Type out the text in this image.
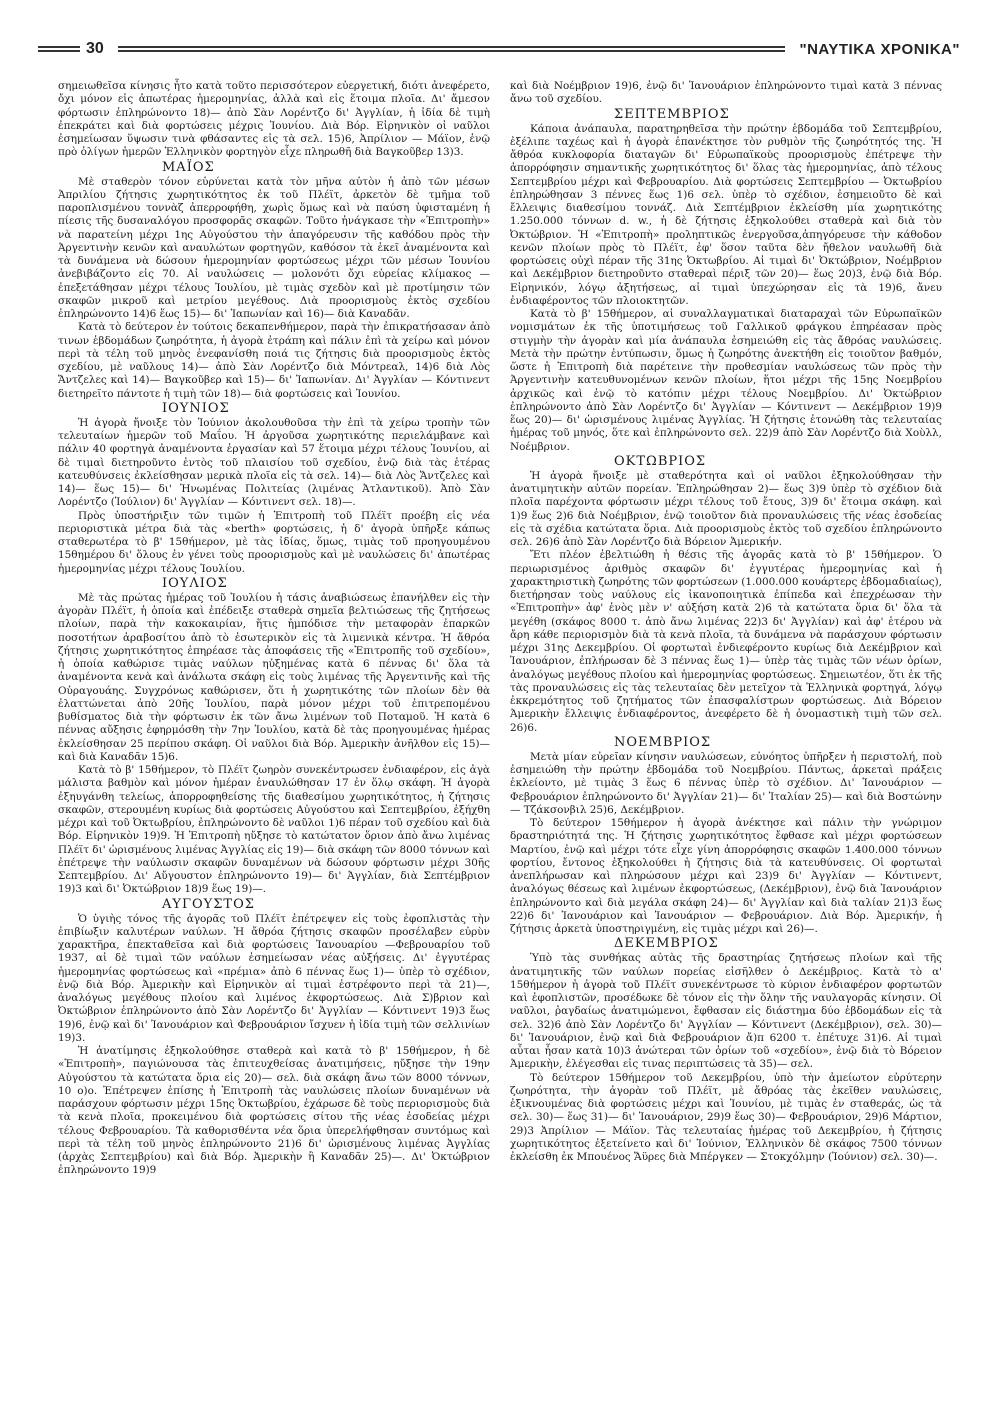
30	"ΝΑΥΤΙΚΑ ΧΡΟΝΙΚΑ"

σημειωθεῖσα κίνησις ἦτο κατὰ τοῦτο περισσότερον εὐεργετική, διότι ἀνεφέρετο, ὄχι μόνον εἰς ἀπωτέρας ἡμερομηνίας, ἀλλὰ καὶ εἰς ἕτοιμα πλοῖα. Δι' ἄμεσον φόρτωσιν ἐπληρώνοντο 18)— ἀπὸ Σὰν Λορέντζο δι' Ἀγγλίαν, ἡ ἰδία δὲ τιμὴ ἐπεκράτει καὶ διὰ φορτώσεις μέχρις Ἰουνίου. Διὰ Βόρ. Εἰρηνικὸν οἱ ναῦλοι ἐσημείωσαν ὕψωσιν τινὰ φθάσαντες εἰς τὰ σελ. 15)6, Ἀπρίλιον — Μάϊον, ἐνῷ πρὸ ὀλίγων ἡμερῶν Ἑλληνικὸν φορτηγὸν εἶχε πληρωθῆ διὰ Βαγκοῦβερ 13)3.

ΜΑΪΟΣ

Μὲ σταθερὸν τόνον εὑρύνεται κατὰ τὸν μῆνα αὐτὸν ἡ ἀπὸ τῶν μέσων Ἀπριλίου ζήτησις χωρητικότητος ἐκ τοῦ Πλέϊτ, ἀρκετὸν δὲ τμῆμα τοῦ παροπλισμένου τοννὰζ ἀπερροφήθη, χωρὶς ὅμως καὶ νὰ παύση ὑφισταμένη ἡ πίεσις τῆς δυσαναλόγου προσφορᾶς σκαφῶν. Τοῦτο ἠνάγκασε τὴν «Ἐπιτροπὴν» νὰ παρατείνη μέχρι 1ης Αὐγούστου τὴν ἀπαγόρευσιν τῆς καθόδου πρὸς τὴν Ἀργεντινὴν κενῶν καὶ αναυλώτων φορτηγῶν, καθόσον τὰ ἐκεῖ ἀναμένοντα καὶ τὰ δυνάμενα νὰ δώσουν ἡμερομηνίαν φορτώσεως μέχρι τῶν μέσων Ἰουνίου ἀνεβιβάζοντο εἰς 70. Αἱ ναυλώσεις — μολονότι ὄχι εὐρείας κλίμακος — ἐπεξετάθησαν μέχρι τέλους Ἰουλίου, μὲ τιμὰς σχεδὸν καὶ μὲ προτίμησιν τῶν σκαφῶν μικροῦ καὶ μετρίου μεγέθους. Διὰ προορισμοὺς ἐκτὸς σχεδίου ἐπληρώνοντο 14)6 ἕως 15)— δι' Ἰαπωνίαν καὶ 16)— διὰ Καναδᾶν.

Κατὰ τὸ δεύτερον ἐν τούτοις δεκαπενθήμερον, παρὰ τὴν ἐπικρατήσασαν ἀπὸ τινων ἑβδομάδων ζωηρότητα, ἡ ἀγορὰ ἐτράπη καὶ πάλιν ἐπὶ τὰ χείρω καὶ μόνον περὶ τὰ τέλη τοῦ μηνὸς ἐνεφανίσθη ποιά τις ζήτησις διὰ προορισμοὺς ἐκτὸς σχεδίου, μὲ ναῦλους 14)— ἀπὸ Σὰν Λορέντζο διὰ Μόντρεαλ, 14)6 διὰ Λὸς Ἄντζελες καὶ 14)— Βαγκοῦβερ καὶ 15)— δι' Ἰαπωνίαν. Δι' Ἀγγλίαν — Κόντινεντ διετηρεῖτο πάντοτε ἡ τιμὴ τῶν 18)— διὰ φορτώσεις καὶ Ἰουνίου.

ΙΟΥΝΙΟΣ

Ἡ ἀγορὰ ἤνοιξε τὸν Ἰούνιον ἀκολουθοῦσα τὴν ἐπὶ τὰ χείρω τροπὴν τῶν τελευταίων ἡμερῶν τοῦ Μαΐου. Ἡ ἀργοῦσα χωρητικότης περιελάμβανε καὶ πάλιν 40 φορτηγὰ ἀναμένοντα ἐργασίαν καὶ 57 ἕτοιμα μέχρι τέλους Ἰουνίου, αἱ δὲ τιμαὶ διετηροῦντο ἐντὸς τοῦ πλαισίου τοῦ σχεδίου, ἐνῷ διὰ τὰς ἑτέρας κατευθύνσεις ἐκλείσθησαν μερικὰ πλοῖα εἰς τὰ σελ. 14)— διὰ Λὸς Ἄντζελες καὶ 14)— ἕως 15)— δι' Ἡνωμένας Πολιτείας (λιμένας Ἀτλαντικοῦ). Ἀπὸ Σὰν Λορέντζο (Ἰούλιον) δι' Ἀγγλίαν — Κόντινεντ σελ. 18)—.

Πρὸς ὑποστήριξιν τῶν τιμῶν ἡ Ἐπιτροπὴ τοῦ Πλέϊτ προέβη εἰς νέα περιοριστικὰ μέτρα διὰ τὰς «berth» φορτώσεις, ἡ δ' ἀγορὰ ὑπῆρξε κάπως σταθερωτέρα τὸ β' 15θήμερον, μὲ τὰς ἰδίας, ὅμως, τιμὰς τοῦ προηγουμένου 15θημέρου δι' ὅλους ἐν γένει τοὺς προορισμοὺς καὶ μὲ ναυλώσεις δι' ἀπωτέρας ἡμερομηνίας μέχρι τέλους Ἰουλίου.

ΙΟΥΛΙΟΣ

Μὲ τὰς πρώτας ἡμέρας τοῦ Ἰουλίου ἡ τάσις ἀναβιώσεως ἐπανήλθεν εἰς τὴν ἀγορὰν Πλέϊτ, ἡ ὁποία καὶ ἐπέδειξε σταθερὰ σημεῖα βελτιώσεως τῆς ζητήσεως πλοίων, παρὰ τὴν κακοκαιρίαν, ἥτις ἠμπόδισε τὴν μεταφορὰν ἐπαρκῶν ποσοτήτων ἀραβοσίτου ἀπὸ τὸ ἐσωτερικὸν εἰς τὰ λιμενικὰ κέντρα. Ἡ ἄθρόα ζήτησις χωρητικότητος ἐπηρέασε τὰς ἀποφάσεις τῆς «Ἐπιτροπῆς τοῦ σχεδίου», ἡ ὁποία καθώρισε τιμὰς ναύλων ηὐξημένας κατὰ 6 πέννας δι' ὅλα τὰ ἀναμένοντα κενὰ καὶ ἀνάλωτα σκάφη εἰς τοὺς λιμένας τῆς Ἀργεντινῆς καὶ τῆς Οὐραγουάης. Συγχρόνως καθώρισεν, ὅτι ἡ χωρητικότης τῶν πλοίων δὲν θὰ ἐλαττώνεται ἀπὸ 20ῆς Ἰουλίου, παρὰ μόνον μέχρι τοῦ ἐπιτρεπομένου βυθίσματος διὰ τὴν φόρτωσιν ἐκ τῶν ἄνω λιμένων τοῦ Ποταμοῦ. Ἡ κατὰ 6 πέννας αὔξησις ἐφηρμόσθη τὴν 7ην Ἰουλίου, κατὰ δὲ τὰς προηγουμένας ἡμέρας ἐκλείσθησαν 25 περίπου σκάφη. Οἱ ναῦλοι διὰ Βόρ. Ἀμερικὴν ἀνῆλθον εἰς 15)— καὶ διὰ Καναδᾶν 15)6.

Κατὰ τὸ β' 15θήμερον, τὸ Πλέϊτ ζωηρὸν συνεκέντρωσεν ἐνδιαφέρον, εἰς ἀγὰ μάλιστα βαθμὸν καὶ μόνον ἡμέραν ἐναυλώθησαν 17 ἐν ὅλῳ σκάφη. Ἡ ἀγορὰ ἐξηυγάνθη τελείως, ἀπορροφηθείσης τῆς διαθεσίμου χωρητικότητος, ἡ ζήτησις σκαφῶν, στερουμένη κυρίως διὰ φορτώσεις Αὐγούστου καὶ Σεπτεμβρίου, ἐξήχθη μέχρι καὶ τοῦ Ὀκτωβρίου, ἐπληρώνοντο δὲ ναῦλοι 1)6 πέραν τοῦ σχεδίου καὶ διὰ Βόρ. Εἰρηνικὸν 19)9. Ἡ Ἐπιτροπὴ ηὔξησε τὸ κατώτατον ὅριον ἀπὸ ἄνω λιμένας Πλέϊτ δι' ὡρισμένους λιμένας Ἀγγλίας εἰς 19)— διὰ σκάφη τῶν 8000 τόννων καὶ ἐπέτρεψε τὴν ναύλωσιν σκαφῶν δυναμένων νὰ δώσουν φόρτωσιν μέχρι 30ῆς Σεπτεμβρίου. Δι' Αὔγουστον ἐπληρώνοντο 19)— δι' Ἀγγλίαν, διὰ Σεπτέμβριον 19)3 καὶ δι' Ὀκτώβριον 18)9 ἕως 19)—.

ΑΥΓΟΥΣΤΟΣ

Ὁ ὑγιὴς τόνος τῆς ἀγορᾶς τοῦ Πλέϊτ ἐπέτρεψεν εἰς τοὺς ἐφοπλιστὰς τὴν ἐπιβίωξιν καλυτέρων ναύλων. Ἡ ἄθρόα ζήτησις σκαφῶν προσέλαβεν εὐρὺν χαρακτῆρα, ἐπεκταθεῖσα καὶ διὰ φορτώσεις Ἰανουαρίου —Φεβρουαρίου τοῦ 1937, αἱ δὲ τιμαὶ τῶν ναύλων ἐσημείωσαν νέας αὐξήσεις. Δι' ἐγγυτέρας ἡμερομηνίας φορτώσεως καὶ «πρέμια» ἀπὸ 6 πέννας ἕως 1)— ὑπὲρ τὸ σχέδιον, ἐνῷ διὰ Βόρ. Ἀμερικὴν καὶ Εἰρηνικὸν αἱ τιμαὶ ἐστρέφοντο περὶ τὰ 21)—, ἀναλόγως μεγέθους πλοίου καὶ λιμένος ἐκφορτώσεως. Διὰ Σ)βριον καὶ Ὀκτώβριον ἐπληρώνοντο ἀπὸ Σὰν Λορέντζο δι' Ἀγγλίαν — Κόντινεντ 19)3 ἕως 19)6, ἐνῷ καὶ δι' Ἰανουάριον καὶ Φεβρουάριον ἴσχυεν ἡ ἰδία τιμὴ τῶν σελλινίων 19)3.

Ἡ ἀνατίμησις ἐξηκολούθησε σταθερὰ καὶ κατὰ τὸ β' 15θήμερον, ἡ δὲ «Ἐπιτροπὴ», παγιώνουσα τὰς ἐπιτευχθείσας ἀνατιμήσεις, ηὔξησε τὴν 19ην Αὐγούστου τὰ κατώτατα ὅρια εἰς 20)— σελ. διὰ σκάφη ἄνω τῶν 8000 τόννων, 10 ο)ο. Ἐπέτρεψεν ἐπίσης ἡ Ἐπιτροπὴ τὰς ναυλώσεις πλοίων δυναμένων νὰ παράσχουν φόρτωσιν μέχρι 15ης Ὀκτωβρίου, ἐχάρωσε δὲ τοὺς περιορισμοὺς διὰ τὰ κενὰ πλοῖα, προκειμένου διὰ φορτώσεις σίτου τῆς νέας ἐσοδείας μέχρι τέλους Φεβρουαρίου. Τὰ καθορισθέντα νέα ὅρια ὑπερελήφθησαν συντόμως καὶ περὶ τὰ τέλη τοῦ μηνὸς ἐπληρώνοντο 21)6 δι' ὡρισμένους λιμένας Ἀγγλίας (ἀρχὰς Σεπτεμβρίου) καὶ διὰ Βόρ. Ἀμερικὴν ἢ Καναδᾶν 25)—. Δι' Ὀκτώβριον ἐπληρώνοντο 19)9

καὶ διὰ Νοέμβριον 19)6, ἐνῷ δι' Ἰανουάριον ἐπληρώνοντο τιμαὶ κατὰ 3 πέννας ἄνω τοῦ σχεδίου.

ΣΕΠΤΕΜΒΡΙΟΣ

Κάποια ἀνάπαυλα, παρατηρηθεῖσα τὴν πρώτην ἑβδομάδα τοῦ Σεπτεμβρίου, ἐξέλιπε ταχέως καὶ ἡ ἀγορὰ ἐπανέκτησε τὸν ρυθμὸν τῆς ζωηρότητός της. Ἡ ἄθρόα κυκλοφορία διαταγῶν δι' Εὐρωπαϊκοὺς προορισμοὺς ἐπέτρεψε τὴν ἀπορρόφησιν σημαντικῆς χωρητικότητος δι' ὅλας τὰς ἡμερομηνίας, ἀπὸ τέλους Σεπτεμβρίου μέχρι καὶ Φεβρουαρίου. Διὰ φορτώσεις Σεπτεμβρίου — Ὀκτωβρίου ἐπληρώθησαν 3 πέννες ἕως 1)6 σελ. ὑπὲρ τὸ σχέδιον, ἐσημειοῦτο δὲ καὶ ἔλλειψις διαθεσίμου τοννάζ. Διὰ Σεπτέμβριον ἐκλείσθη μία χωρητικότης 1.250.000 τόννων d. w., ἡ δὲ ζήτησις ἐξηκολούθει σταθερὰ καὶ διὰ τὸν Ὀκτώβριον. Ἡ «Ἐπιτροπὴ» προληπτικῶς ἐνεργοῦσα,ἀπηγόρευσε τὴν κάθοδον κενῶν πλοίων πρὸς τὸ Πλέϊτ, ἐφ' ὅσον ταῦτα δὲν ἤθελον ναυλωθῆ διὰ φορτώσεις οὐχὶ πέραν τῆς 31ης Ὀκτωβρίου. Αἱ τιμαὶ δι' Ὀκτώβριον, Νοέμβριον καὶ Δεκέμβριον διετηροῦντο σταθεραὶ πέριξ τῶν 20)— ἕως 20)3, ἐνῷ διὰ Βόρ. Εἰρηνικόν, λόγῳ ἀξητήσεως, αἱ τιμαὶ ὑπεχώρησαν εἰς τὰ 19)6, ἄνευ ἐνδιαφέροντος τῶν πλοιοκτητῶν.

Κατὰ τὸ β' 15θήμερον, αἱ συναλλαγματικαὶ διαταραχαὶ τῶν Εὐρωπαϊκῶν νομισμάτων ἐκ τῆς ὑποτιμήσεως τοῦ Γαλλικοῦ φράγκου ἐπηρέασαν πρὸς στιγμὴν τὴν ἀγορὰν καὶ μία ἀνάπαυλα ἐσημειώθη εἰς τὰς ἄθρόας ναυλώσεις. Μετὰ τὴν πρώτην ἐντύπωσιν, ὅμως ἡ ζωηρότης ἀνεκτήθη εἰς τοιοῦτον βαθμόν, ὥστε ἡ Ἐπιτροπὴ διὰ παρέτεινε τὴν προθεσμίαν ναυλώσεως τῶν πρὸς τὴν Ἀργεντινὴν κατευθυνομένων κενῶν πλοίων, ἥτοι μέχρι τῆς 15ης Νοεμβρίου ἀρχικῶς καὶ ἐνῷ τὸ κατόπιν μέχρι τέλους Νοεμβρίου. Δι' Ὀκτώβριον ἐπληρώνοντο ἀπὸ Σὰν Λορέντζο δι' Ἀγγλίαν — Κόντινεντ — Δεκέμβριον 19)9 ἕως 20)— δι' ὡρισμένους λιμένας Ἀγγλίας. Ἡ ζήτησις ἐτονώθη τὰς τελευταίας ἡμέρας τοῦ μηνός, ὅτε καὶ ἐπληρώνοντο σελ. 22)9 ἀπὸ Σὰν Λορέντζο διὰ Χοὺλλ, Νοέμβριον.

ΟΚΤΩΒΡΙΟΣ

Ἡ ἀγορὰ ἤνοιξε μὲ σταθερότητα καὶ οἱ ναῦλοι ἐξηκολούθησαν τὴν ἀνατιμητικὴν αὐτῶν πορείαν. Ἐπληρώθησαν 2)— ἕως 3)9 ὑπὲρ τὸ σχέδιον διὰ πλοῖα παρέχοντα φόρτωσιν μέχρι τέλους τοῦ ἔτους, 3)9 δι' ἕτοιμα σκάφη. καὶ 1)9 ἕως 2)6 διὰ Νοέμβριον, ἐνῷ τοιοῦτον διὰ προναυλώσεις τῆς νέας ἐσοδείας εἰς τὰ σχέδια κατώτατα ὅρια. Διὰ προορισμοὺς ἐκτὸς τοῦ σχεδίου ἐπληρώνοντο σελ. 26)6 ἀπὸ Σὰν Λορέντζο διὰ Βόρειον Ἀμερικήν.

Ἔτι πλέον ἐβελτιώθη ἡ θέσις τῆς ἀγορᾶς κατὰ τὸ β' 15θήμερον. Ὁ περιωρισμένος ἀριθμὸς σκαφῶν δι' ἐγγυτέρας ἡμερομηνίας καὶ ἡ χαρακτηριστικὴ ζωηρότης τῶν φορτώσεων (1.000.000 κουάρτερς ἑβδομαδιαίως), διετήρησαν τοὺς ναύλους εἰς ἱκανοποιητικὰ ἐπίπεδα καὶ ἐπεχρέωσαν τὴν «Ἐπιτροπὴν» ἀφ' ἑνὸς μὲν ν' αὐξήση κατὰ 2)6 τὰ κατώτατα ὅρια δι' ὅλα τὰ μεγέθη (σκάφος 8000 τ. ἀπὸ ἄνω λιμένας 22)3 δι' Ἀγγλίαν) καὶ ἀφ' ἑτέρου νὰ ἄρη κάθε περιορισμὸν διὰ τὰ κενὰ πλοῖα, τὰ δυνάμενα νὰ παράσχουν φόρτωσιν μέχρι 31ης Δεκεμβρίου. Οἱ φορτωταὶ ἐνδιεφέροντο κυρίως διὰ Δεκέμβριον καὶ Ἰανουάριον, ἐπλήρωσαν δὲ 3 πέννας ἕως 1)— ὑπὲρ τὰς τιμὰς τῶν νέων ὁρίων, ἀναλόγως μεγέθους πλοίου καὶ ἡμερομηνίας φορτώσεως. Σημειωτέον, ὅτι ἐκ τῆς τὰς προναυλώσεις εἰς τὰς τελευταίας δὲν μετεῖχον τὰ Ἑλληνικὰ φορτηγά, λόγῳ ἐκκρεμότητος τοῦ ζητήματος τῶν ἐπασφαλίστρων φορτώσεως. Διὰ Βόρειον Ἀμερικὴν ἔλλειψις ἐνδιαφέροντος, ἀνεφέρετο δὲ ἡ ὀνομαστικὴ τιμὴ τῶν σελ. 26)6.

ΝΟΕΜΒΡΙΟΣ

Μετὰ μίαν εὐρεῖαν κίνησιν ναυλώσεων, εὐνόητος ὑπῆρξεν ἡ περιστολή, ποὺ ἐσημειώθη τὴν πρώτην ἑβδομάδα τοῦ Νοεμβρίου. Πάντως, ἀρκεταὶ πράξεις ἐκλείοντο, μὲ τιμὰς 3 ἕως 6 πέννας ὑπὲρ τὸ σχέδιον. Δι' Ἰανουάριον — Φεβρουάριον ἐπληρώνοντο δι' Ἀγγλίαν 21)— δι' Ἰταλίαν 25)— καὶ διὰ Βοστώνην — Τζάκσονβιλ 25)6, Δεκέμβριον.

Τὸ δεύτερον 15θήμερον ἡ ἀγορὰ ἀνέκτησε καὶ πάλιν τὴν γνώριμον δραστηριότητά της. Ἡ ζήτησις χωρητικότητος ἔφθασε καὶ μέχρι φορτώσεων Μαρτίου, ἐνῷ καὶ μέχρι τότε εἶχε γίνη ἀπορρόφησις σκαφῶν 1.400.000 τόννων φορτίου, ἔντονος ἐξηκολούθει ἡ ζήτησις διὰ τὰ κατευθύνσεις. Οἱ φορτωταὶ ἀνεπλήρωσαν καὶ πληρώσουν μέχρι καὶ 23)9 δι' Ἀγγλίαν — Κόντινεντ, ἀναλόγως θέσεως καὶ λιμένων ἐκφορτώσεως, (Δεκέμβριον), ἐνῷ διὰ Ἰανουάριον ἐπληρώνοντο καὶ διὰ μεγάλα σκάφη 24)— δι' Ἀγγλίαν καὶ διὰ ταλίαν 21)3 ἕως 22)6 δι' Ἰανουάριον καὶ Ἰανουάριον — Φεβρουάριον. Διὰ Βόρ. Ἀμερικήν, ἡ ζήτησις ἀρκετὰ ὑποστηριγμένη, εἰς τιμὰς μέχρι καὶ 26)—.

ΔΕΚΕΜΒΡΙΟΣ

Ὑπὸ τὰς συνθήκας αὐτὰς τῆς δραστηρίας ζητήσεως πλοίων καὶ τῆς ἀνατιμητικῆς τῶν ναύλων πορείας εἰσῆλθεν ὁ Δεκέμβριος. Κατὰ τὸ α' 15θήμερον ἡ ἀγορὰ τοῦ Πλέϊτ συνεκέντρωσε τὸ κύριον ἐνδιαφέρον φορτωτῶν καὶ ἐφοπλιστῶν, προσέδωκε δὲ τόνον εἰς τὴν ὅλην τῆς ναυλαγορᾶς κίνησιν. Οἱ ναῦλοι, ῥαγδαίως ἀνατιμώμενοι, ἔφθασαν εἰς διάστημα δύο ἑβδομάδων εἰς τὰ σελ. 32)6 ἀπὸ Σὰν Λορέντζο δι' Ἀγγλίαν — Κόντινεντ (Δεκέμβριον), σελ. 30)— δι' Ἰανουάριον, ἐνῷ καὶ διὰ Φεβρουάριον ἄ)π 6200 τ. ἐπέτυχε 31)6. Αἱ τιμαὶ αὗται ἦσαν κατὰ 10)3 ἀνώτεραι τῶν ὁρίων τοῦ «σχεδίου», ἐνῷ διὰ τὸ Βόρειον Ἀμερικὴν, ἐλέγεσθαι εἰς τινας περιπτώσεις τὰ 35)— σελ.

Τὸ δεύτερον 15θήμερον τοῦ Δεκεμβρίου, ὑπὸ τὴν ἀμείωτον εὐρύτερην ζωηρότητα, τὴν ἀγορὰν τοῦ Πλέϊτ, μὲ ἄθρόας τὰς ἐκεῖθεν ναυλώσεις, ἐξικνουμένας διὰ φορτώσεις μέχρι καὶ Ἰουνίου, μὲ τιμὰς ἐν σταθεράς, ὡς τὰ σελ. 30)— ἕως 31)— δι' Ἰανουάριον, 29)9 ἕως 30)— Φεβρουάριον, 29)6 Μάρτιον, 29)3 Ἀπρίλιον — Μάϊον. Τὰς τελευταίας ἡμέρας τοῦ Δεκεμβρίου, ἡ ζήτησις χωρητικότητος ἐξετείνετο καὶ δι' Ἰούνιον, Ἑλληνικὸν δὲ σκάφος 7500 τόννων ἐκλείσθη ἐκ Μπουένος Ἄϋρες διὰ Μπέργκεν — Στοκχόλμην (Ἰούνιον) σελ. 30)—.
